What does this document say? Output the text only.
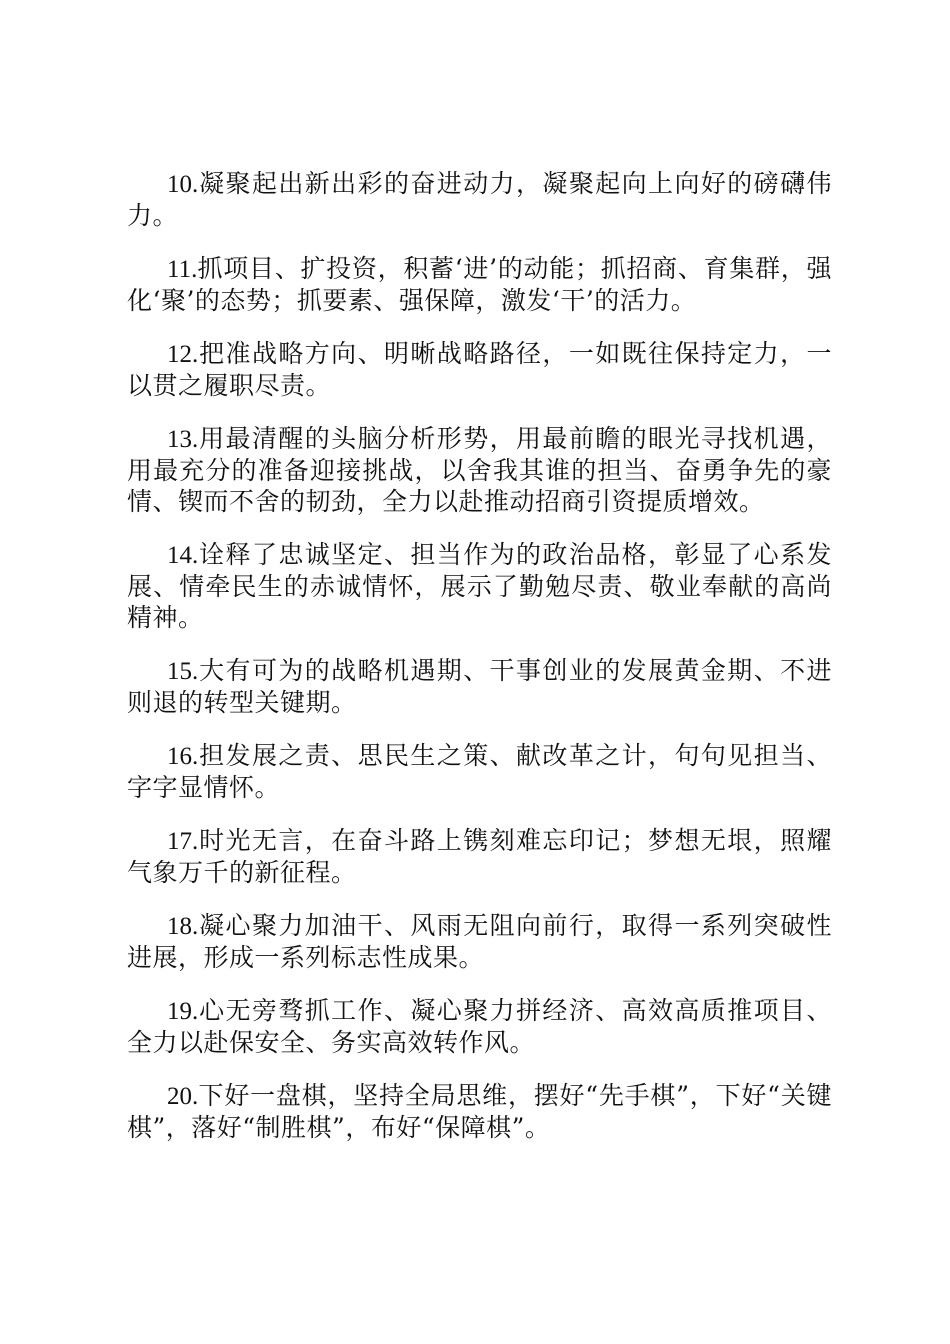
10.凝聚起出新出彩的奋进动力，凝聚起向上向好的磅礴伟力。

11.抓项目、扩投资，积蓄‘进’的动能；抓招商、育集群，强化‘聚’的态势；抓要素、强保障，激发‘干’的活力。

12.把准战略方向、明晰战略路径，一如既往保持定力，一以贯之履职尽责。

13.用最清醒的头脑分析形势，用最前瞻的眼光寻找机遇，用最充分的准备迎接挑战，以舍我其谁的担当、奋勇争先的豪情、锲而不舍的韧劲，全力以赴推动招商引资提质增效。

14.诠释了忠诚坚定、担当作为的政治品格，彰显了心系发展、情牵民生的赤诚情怀，展示了勤勉尽责、敬业奉献的高尚精神。

15.大有可为的战略机遇期、干事创业的发展黄金期、不进则退的转型关键期。

16.担发展之责、思民生之策、献改革之计，句句见担当、字字显情怀。

17.时光无言，在奋斗路上镌刻难忘印记；梦想无垠，照耀气象万千的新征程。

18.凝心聚力加油干、风雨无阻向前行，取得一系列突破性进展，形成一系列标志性成果。

19.心无旁骛抓工作、凝心聚力拼经济、高效高质推项目、全力以赴保安全、务实高效转作风。

20.下好一盘棋，坚持全局思维，摆好“先手棋”，下好“关键棋”，落好“制胜棋”，布好“保障棋”。
